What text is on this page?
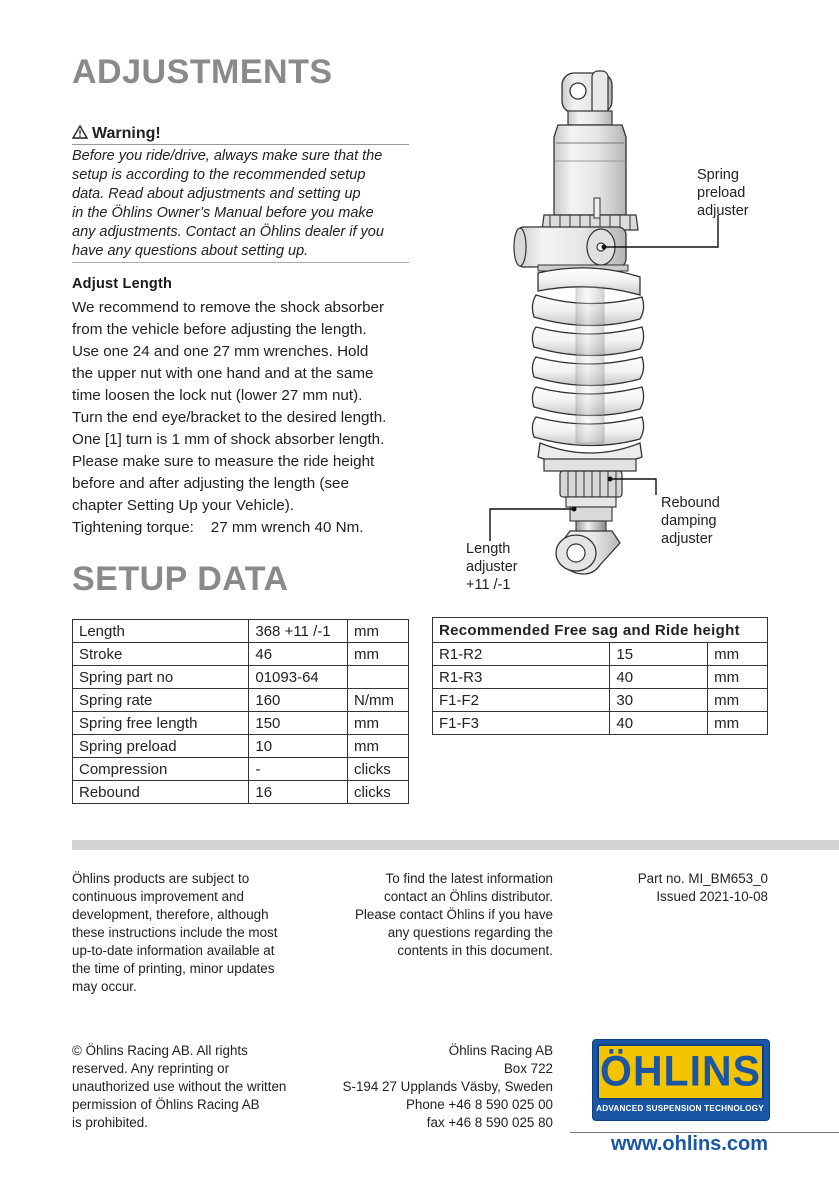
ADJUSTMENTS
Warning!
Before you ride/drive, always make sure that the
setup is according to the recommended setup
data. Read about adjustments and setting up
in the Öhlins Owner’s Manual before you make
any adjustments. Contact an Öhlins dealer if you
have any questions about setting up.
Adjust Length

We recommend to remove the shock absorber

from the vehicle before adjusting the length.

Use one 24 and one 27 mm wrenches. Hold

the upper nut with one hand and at the same

time loosen the lock nut (lower 27 mm nut).

Turn the end eye/bracket to the desired length.

One [1] turn is 1 mm of shock absorber length.

Please make sure to measure the ride height

before and after adjusting the length (see

chapter Setting Up your Vehicle).

Tightening torque:    27 mm wrench 40 Nm.

SETUP DATA
Spring
preload
adjuster
Rebound
damping
adjuster
Length
adjuster
+11 /-1
Length	368 +11 /-1	mm
Stroke	46	mm
Spring part no	01093-64	
Spring rate	160	N/mm
Spring free length	150	mm
Spring preload	10	mm
Compression	-	clicks
Rebound	16	clicks
Recommended Free sag and Ride height		
R1-R2	15	mm
R1-R3	40	mm
F1-F2	30	mm
F1-F3	40	mm

Öhlins products are subject to

continuous improvement and

development, therefore, although

these instructions include the most

up-to-date information available at

the time of printing, minor updates

may occur.

To find the latest information

contact an Öhlins distributor.

Please contact Öhlins if you have

any questions regarding the

contents in this document.

Part no. MI_BM653_0

Issued 2021-10-08

© Öhlins Racing AB. All rights

reserved. Any reprinting or

unauthorized use without the written

permission of Öhlins Racing AB

is prohibited.

Öhlins Racing AB

Box 722

S-194 27 Upplands Väsby, Sweden

Phone +46 8 590 025 00

fax +46 8 590 025 80

ÖHLINS
ADVANCED SUSPENSION TECHNOLOGY
www.ohlins.com
